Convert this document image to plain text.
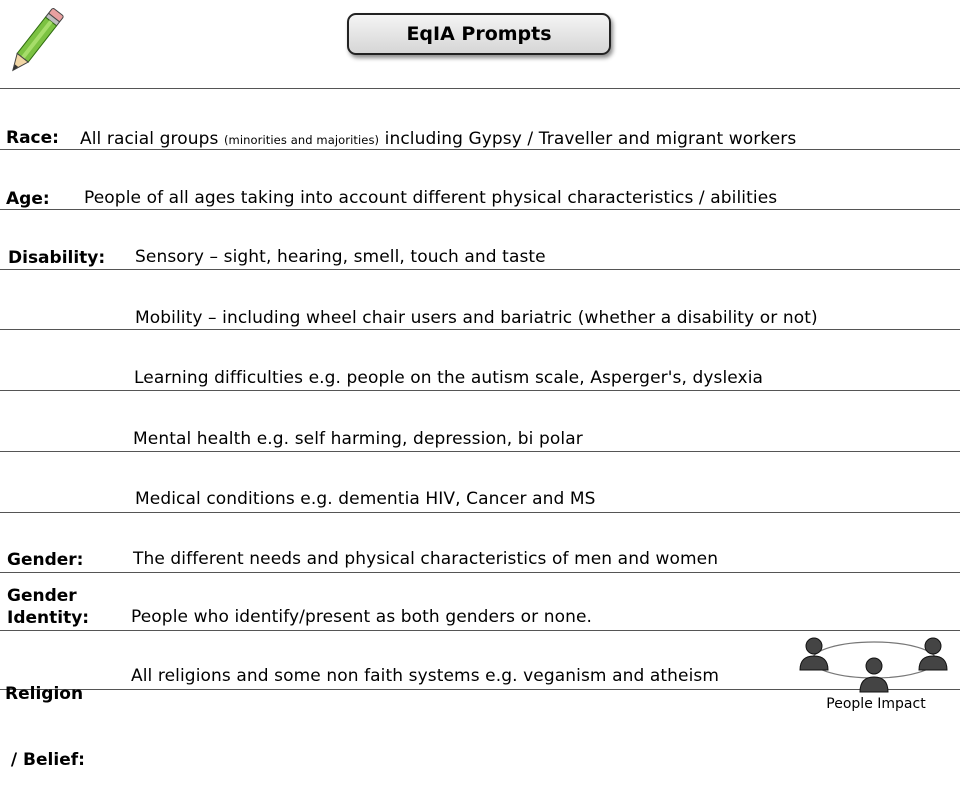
EqIA Prompts
Race: All racial groups (minorities and majorities) including Gypsy / Traveller and migrant workers
Age: People of all ages taking into account different physical characteristics / abilities
Disability: Sensory – sight, hearing, smell, touch and taste
Mobility – including wheel chair users and bariatric (whether a disability or not)
Learning difficulties e.g. people on the autism scale, Asperger's, dyslexia
Mental health e.g. self harming, depression, bi polar
Medical conditions e.g. dementia HIV, Cancer and MS
Gender:	The different needs and physical characteristics of men and women
Gender
Identity: People who identify/present as both genders or none.

Religion

/ Belief:

All religions and some non faith systems e.g. veganism and atheism
People Impact
